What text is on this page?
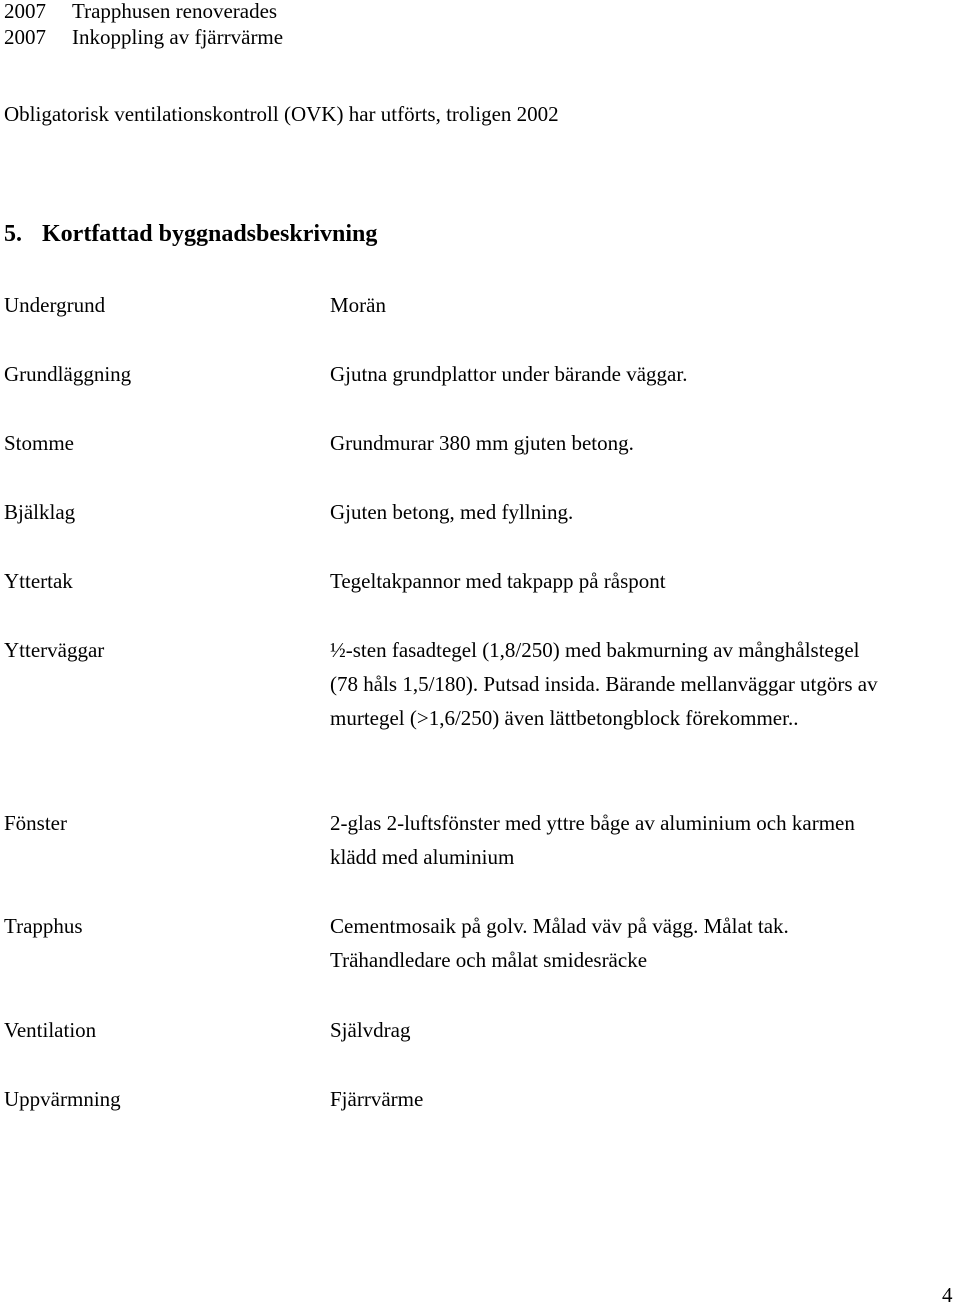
2007	Trapphusen renoverades
2007	Inkoppling av fjärrvärme
Obligatorisk ventilationskontroll (OVK) har utförts, troligen 2002
5. Kortfattad byggnadsbeskrivning
Undergrund	Morän
Grundläggning	Gjutna grundplattor under bärande väggar.
Stomme	Grundmurar 380 mm gjuten betong.
Bjälklag	Gjuten betong, med fyllning.
Yttertak	Tegeltakpannor med takpapp på råspont
Ytterväggar	½-sten fasadtegel (1,8/250) med bakmurning av månghålstegel
(78 håls 1,5/180). Putsad insida. Bärande mellanväggar utgörs av
murtegel (>1,6/250) även lättbetongblock förekommer..
Fönster	2-glas 2-luftsfönster med yttre båge av aluminium och karmen
klädd med aluminium
Trapphus	Cementmosaik på golv. Målad väv på vägg. Målat tak.
Trähandledare och målat smidesräcke
Ventilation	Självdrag
Uppvärmning	Fjärrvärme
4
